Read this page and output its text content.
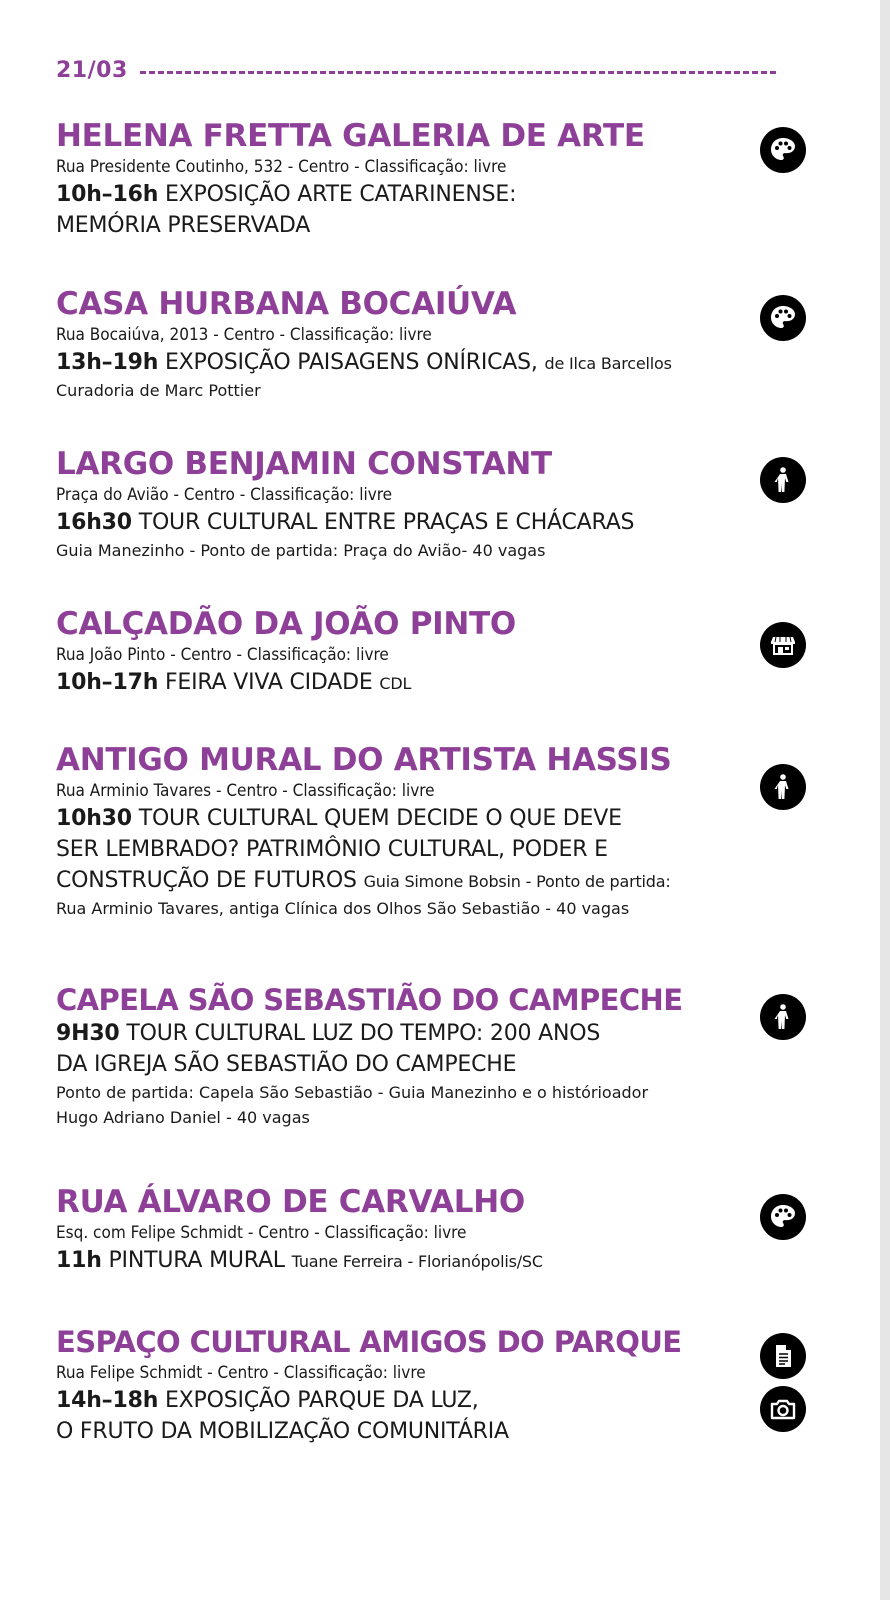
21/03
HELENA FRETTA GALERIA DE ARTE
Rua Presidente Coutinho, 532 - Centro - Classificação: livre
10h–16h EXPOSIÇÃO ARTE CATARINENSE:
MEMÓRIA PRESERVADA
CASA HURBANA BOCAIÚVA
Rua Bocaiúva, 2013 - Centro - Classificação: livre
13h–19h EXPOSIÇÃO PAISAGENS ONÍRICAS, de Ilca Barcellos
Curadoria de Marc Pottier
LARGO BENJAMIN CONSTANT
Praça do Avião - Centro - Classificação: livre
16h30 TOUR CULTURAL ENTRE PRAÇAS E CHÁCARAS
Guia Manezinho - Ponto de partida: Praça do Avião- 40 vagas
CALÇADÃO DA JOÃO PINTO
Rua João Pinto - Centro - Classificação: livre
10h–17h FEIRA VIVA CIDADE CDL
ANTIGO MURAL DO ARTISTA HASSIS
Rua Arminio Tavares - Centro - Classificação: livre
10h30 TOUR CULTURAL QUEM DECIDE O QUE DEVE
SER LEMBRADO? PATRIMÔNIO CULTURAL, PODER E
CONSTRUÇÃO DE FUTUROS Guia Simone Bobsin - Ponto de partida:
Rua Arminio Tavares, antiga Clínica dos Olhos São Sebastião - 40 vagas
CAPELA SÃO SEBASTIÃO DO CAMPECHE
9H30 TOUR CULTURAL LUZ DO TEMPO: 200 ANOS
DA IGREJA SÃO SEBASTIÃO DO CAMPECHE
Ponto de partida: Capela São Sebastião - Guia Manezinho e o histórioador
Hugo Adriano Daniel - 40 vagas
RUA ÁLVARO DE CARVALHO
Esq. com Felipe Schmidt - Centro - Classificação: livre
11h PINTURA MURAL Tuane Ferreira - Florianópolis/SC
ESPAÇO CULTURAL AMIGOS DO PARQUE
Rua Felipe Schmidt - Centro - Classificação: livre
14h–18h EXPOSIÇÃO PARQUE DA LUZ,
O FRUTO DA MOBILIZAÇÃO COMUNITÁRIA
